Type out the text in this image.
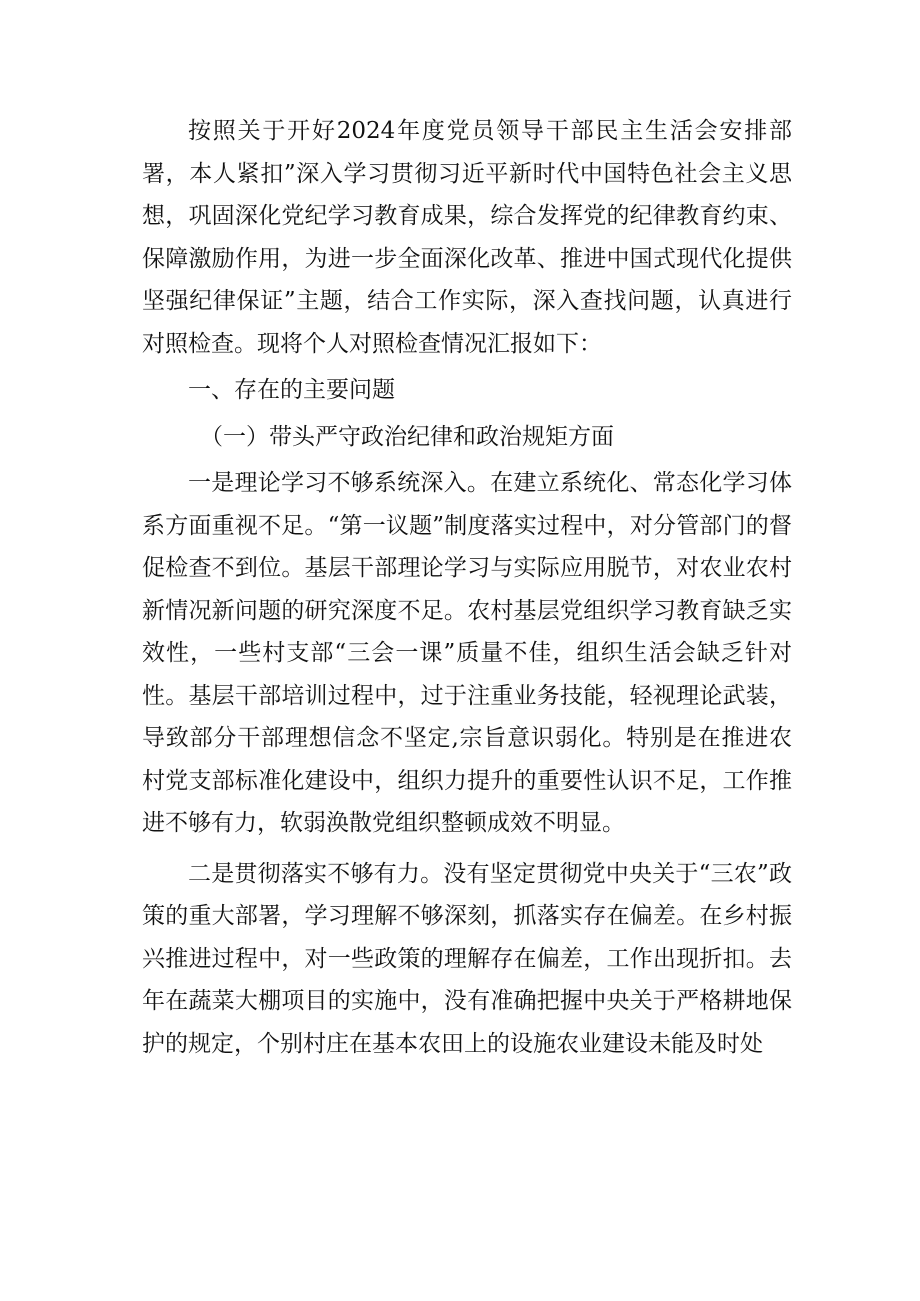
按照关于开好2024年度党员领导干部民主生活会安排部署，本人紧扣”深入学习贯彻习近平新时代中国特色社会主义思想，巩固深化党纪学习教育成果，综合发挥党的纪律教育约束、保障激励作用，为进一步全面深化改革、推进中国式现代化提供坚强纪律保证”主题，结合工作实际，深入查找问题，认真进行对照检查。现将个人对照检查情况汇报如下：

一、存在的主要问题

（一）带头严守政治纪律和政治规矩方面

一是理论学习不够系统深入。在建立系统化、常态化学习体系方面重视不足。“第一议题”制度落实过程中，对分管部门的督促检查不到位。基层干部理论学习与实际应用脱节，对农业农村新情况新问题的研究深度不足。农村基层党组织学习教育缺乏实效性，一些村支部“三会一课”质量不佳，组织生活会缺乏针对性。基层干部培训过程中，过于注重业务技能，轻视理论武装，导致部分干部理想信念不坚定,宗旨意识弱化。特别是在推进农村党支部标准化建设中，组织力提升的重要性认识不足，工作推进不够有力，软弱涣散党组织整顿成效不明显。

二是贯彻落实不够有力。没有坚定贯彻党中央关于“三农”政策的重大部署，学习理解不够深刻，抓落实存在偏差。在乡村振兴推进过程中，对一些政策的理解存在偏差，工作出现折扣。去年在蔬菜大棚项目的实施中，没有准确把握中央关于严格耕地保护的规定，个别村庄在基本农田上的设施农业建设未能及时处
